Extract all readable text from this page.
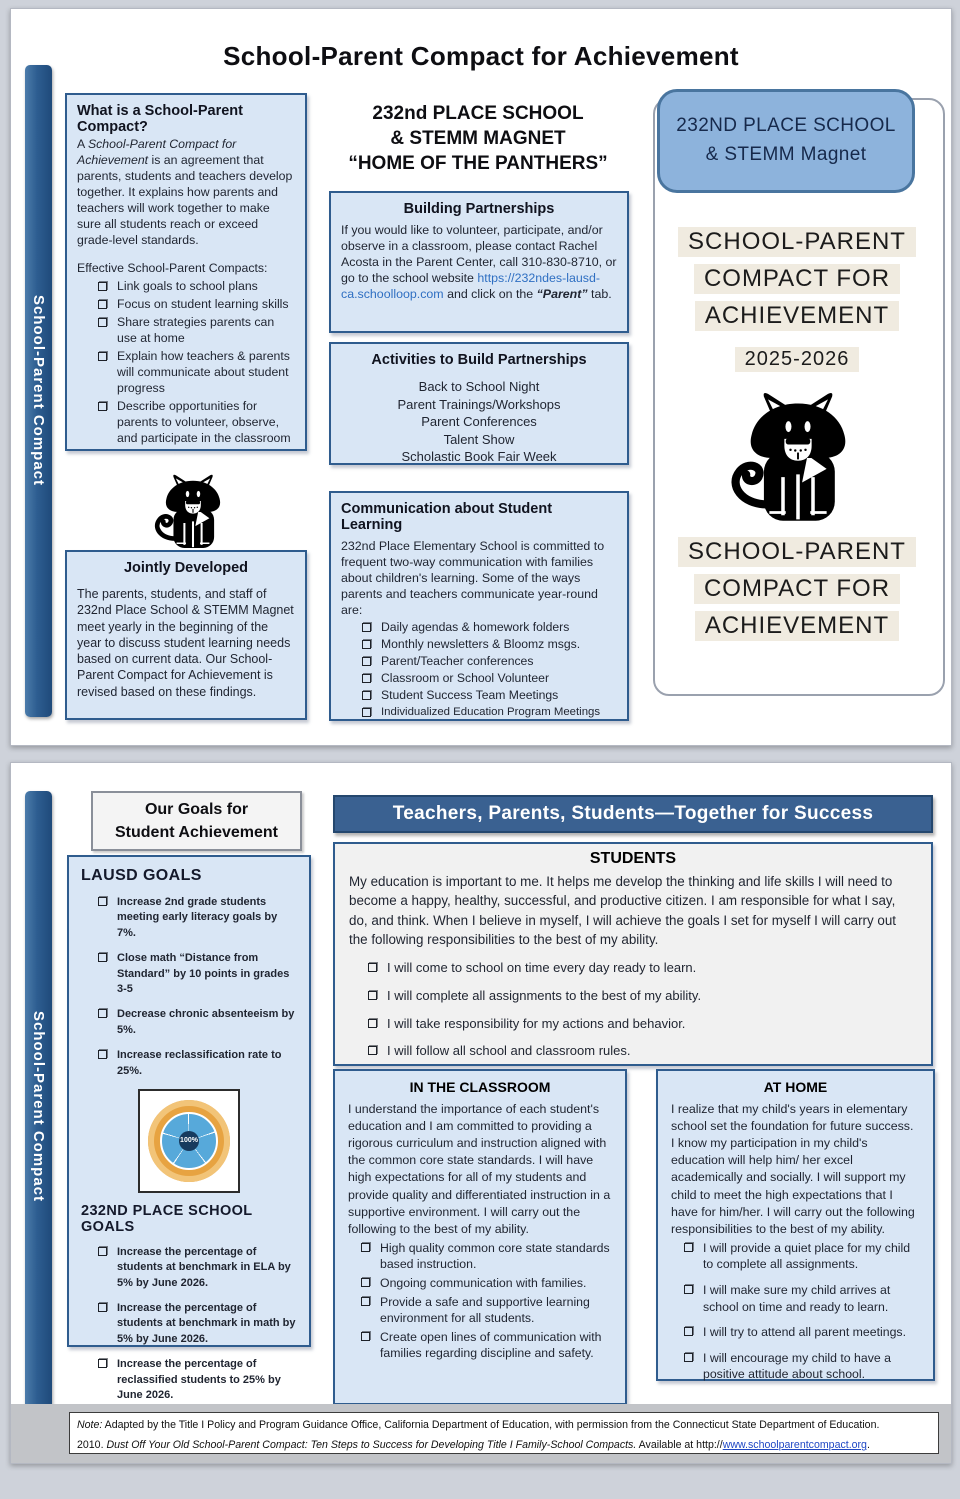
School-Parent Compact for Achievement
School-Parent Compact
What is a School-Parent Compact?

A School-Parent Compact for Achievement is an agreement that parents, students and teachers develop together. It explains how parents and teachers will work together to make sure all students reach or exceed grade-level standards.

Effective School-Parent Compacts:

Link goals to school plans
Focus on student learning skills
Share strategies parents can use at home
Explain how teachers & parents will communicate about student progress
Describe opportunities for parents to volunteer, observe, and participate in the classroom
Jointly Developed

The parents, students, and staff of 232nd Place School & STEMM Magnet meet yearly in the beginning of the year to discuss student learning needs based on current data. Our School-Parent Compact for Achievement is revised based on these findings.

232nd PLACE SCHOOL
& STEMM MAGNET
“HOME OF THE PANTHERS”
Building Partnerships

If you would like to volunteer, participate, and/or observe in a classroom, please contact Rachel Acosta in the Parent Center, call 310-830-8710, or go to the school website https://232ndes-lausd-ca.schoolloop.com and click on the “Parent” tab.

Activities to Build Partnerships
Back to School Night
Parent Trainings/Workshops
Parent Conferences
Talent Show
Scholastic Book Fair Week
Communication about Student Learning

232nd Place Elementary School is committed to frequent two-way communication with families about children's learning. Some of the ways parents and teachers communicate year-round are:

Daily agendas & homework folders
Monthly newsletters & Bloomz msgs.
Parent/Teacher conferences
Classroom or School Volunteer
Student Success Team Meetings
Individualized Education Program Meetings
232ND PLACE SCHOOL
& STEMM Magnet
SCHOOL-PARENT
COMPACT FOR
ACHIEVEMENT
2025-2026
SCHOOL-PARENT
COMPACT FOR
ACHIEVEMENT
School-Parent Compact
Our Goals for
Student Achievement
LAUSD GOALS
Increase 2nd grade students meeting early literacy goals by 7%.
Close math “Distance from Standard” by 10 points in grades 3-5
Decrease chronic absenteeism by 5%.
Increase reclassification rate to 25%.
100%
232ND PLACE SCHOOL GOALS
Increase the percentage of students at benchmark in ELA by 5% by June 2026.
Increase the percentage of students at benchmark in math by 5% by June 2026.
Increase the percentage of reclassified students to 25% by June 2026.
Teachers, Parents, Students—Together for Success
STUDENTS

My education is important to me. It helps me develop the thinking and life skills I will need to become a happy, healthy, successful, and productive citizen. I am responsible for what I say, do, and think. When I believe in myself, I will achieve the goals I set for myself I will carry out the following responsibilities to the best of my ability.

I will come to school on time every day ready to learn.
I will complete all assignments to the best of my ability.
I will take responsibility for my actions and behavior.
I will follow all school and classroom rules.
IN THE CLASSROOM

I understand the importance of each student's education and I am committed to providing a rigorous curriculum and instruction aligned with the common core state standards. I will have high expectations for all of my students and provide quality and differentiated instruction in a supportive environment. I will carry out the following to the best of my ability.

High quality common core state standards based instruction.
Ongoing communication with families.
Provide a safe and supportive learning environment for all students.
Create open lines of communication with families regarding discipline and safety.
AT HOME

I realize that my child's years in elementary school set the foundation for future success. I know my participation in my child's education will help him/ her excel academically and socially. I will support my child to meet the high expectations that I have for him/her. I will carry out the following responsibilities to the best of my ability.

I will provide a quiet place for my child to complete all assignments.
I will make sure my child arrives at school on time and ready to learn.
I will try to attend all parent meetings.
I will encourage my child to have a positive attitude about school.
Note: Adapted by the Title I Policy and Program Guidance Office, California Department of Education, with permission from the Connecticut State Department of Education.
2010. Dust Off Your Old School-Parent Compact: Ten Steps to Success for Developing Title I Family-School Compacts. Available at http://www.schoolparentcompact.org.
